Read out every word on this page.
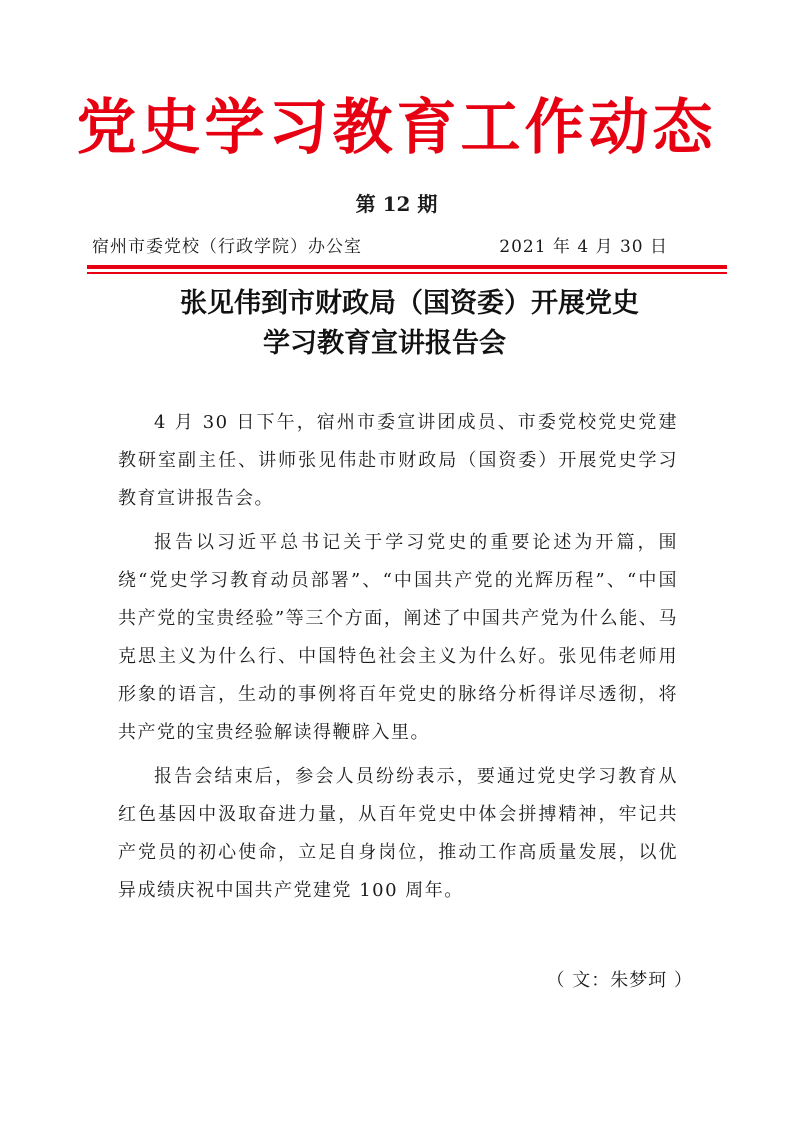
党史学习教育工作动态
第 12 期
宿州市委党校（行政学院）办公室	2021 年 4 月 30 日
张见伟到市财政局（国资委）开展党史
学习教育宣讲报告会

4 月 30 日下午，宿州市委宣讲团成员、市委党校党史党建教研室副主任、讲师张见伟赴市财政局（国资委）开展党史学习教育宣讲报告会。

报告以习近平总书记关于学习党史的重要论述为开篇，围绕“党史学习教育动员部署”、“中国共产党的光辉历程”、“中国共产党的宝贵经验”等三个方面，阐述了中国共产党为什么能、马克思主义为什么行、中国特色社会主义为什么好。张见伟老师用形象的语言，生动的事例将百年党史的脉络分析得详尽透彻，将共产党的宝贵经验解读得鞭辟入里。

报告会结束后，参会人员纷纷表示，要通过党史学习教育从红色基因中汲取奋进力量，从百年党史中体会拼搏精神，牢记共产党员的初心使命，立足自身岗位，推动工作高质量发展，以优异成绩庆祝中国共产党建党 100 周年。

（ 文：朱梦珂 ）
